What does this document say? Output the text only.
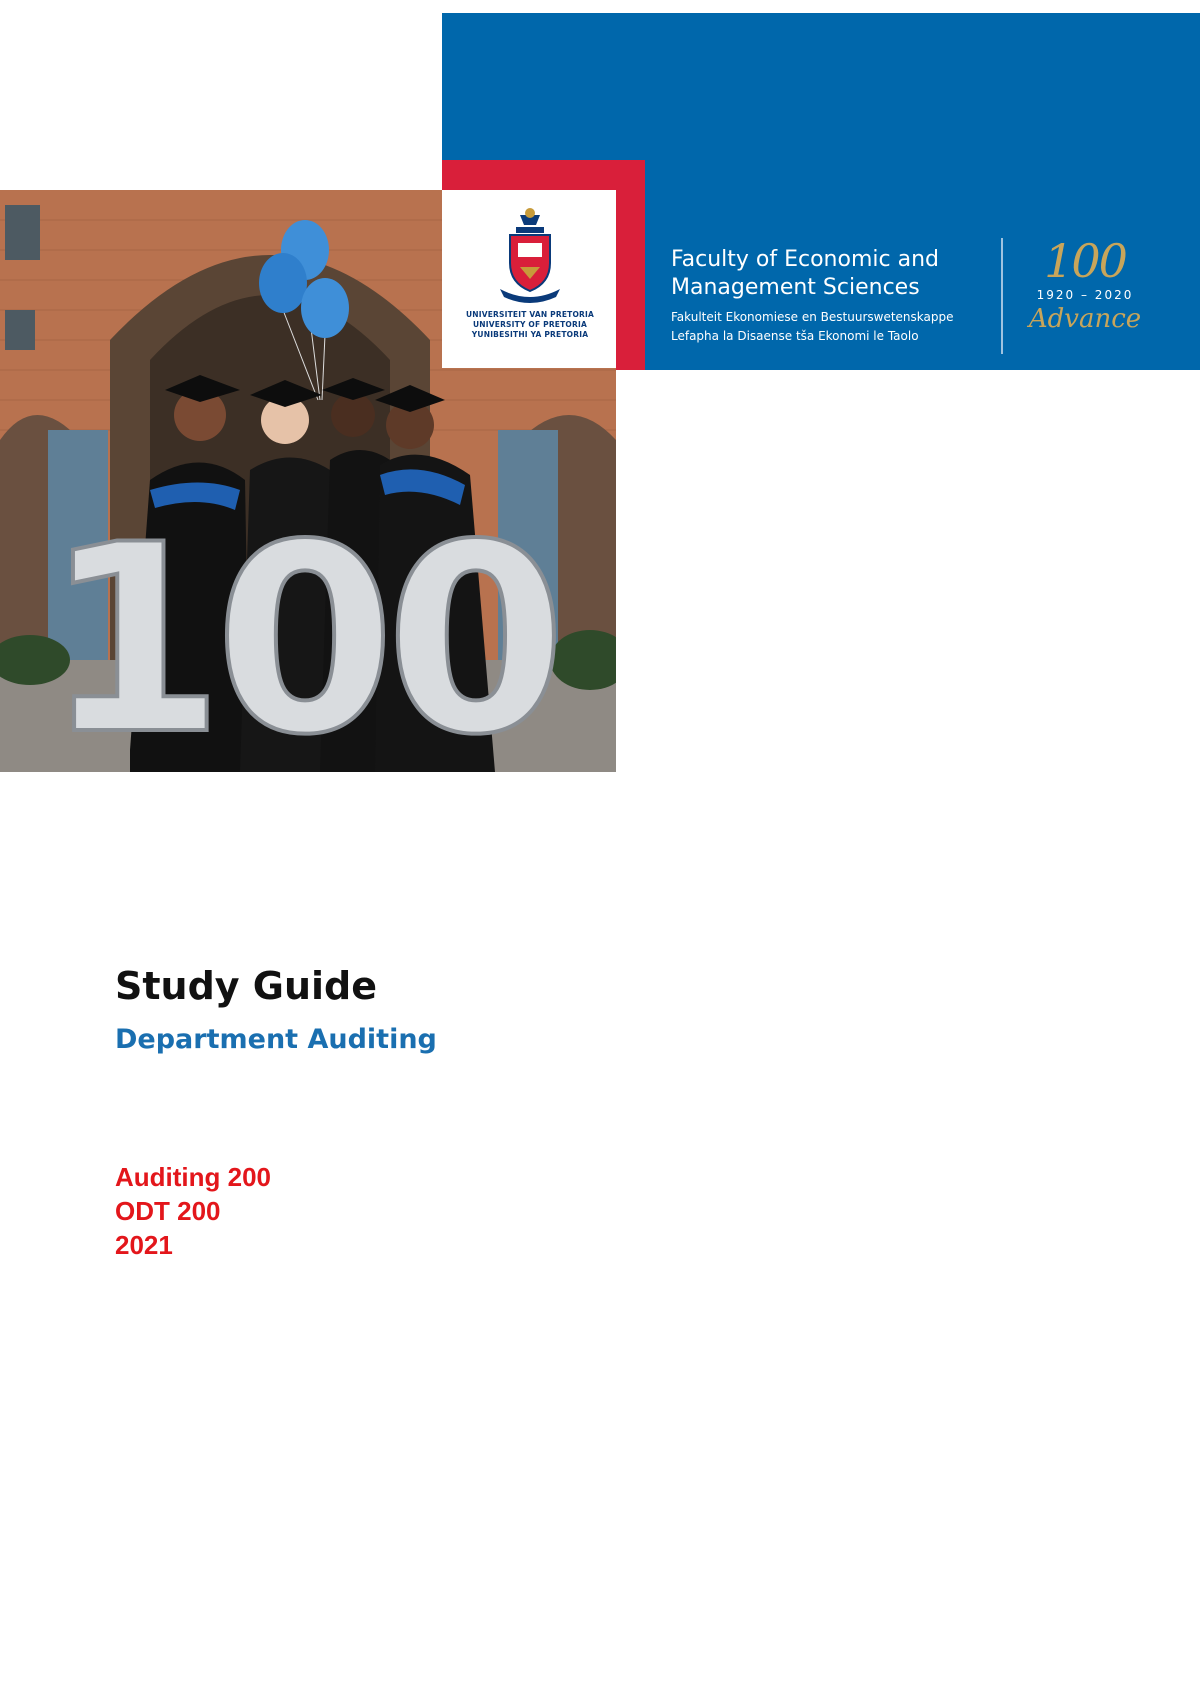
100
UNIVERSITEIT VAN PRETORIA
UNIVERSITY OF PRETORIA
YUNIBESITHI YA PRETORIA
Faculty of Economic and
Management Sciences
Fakulteit Ekonomiese en Bestuurswetenskappe
Lefapha la Disaense tša Ekonomi le Taolo
100
1920 – 2020
Advance
Study Guide
Department Auditing
Auditing 200
ODT 200
2021
